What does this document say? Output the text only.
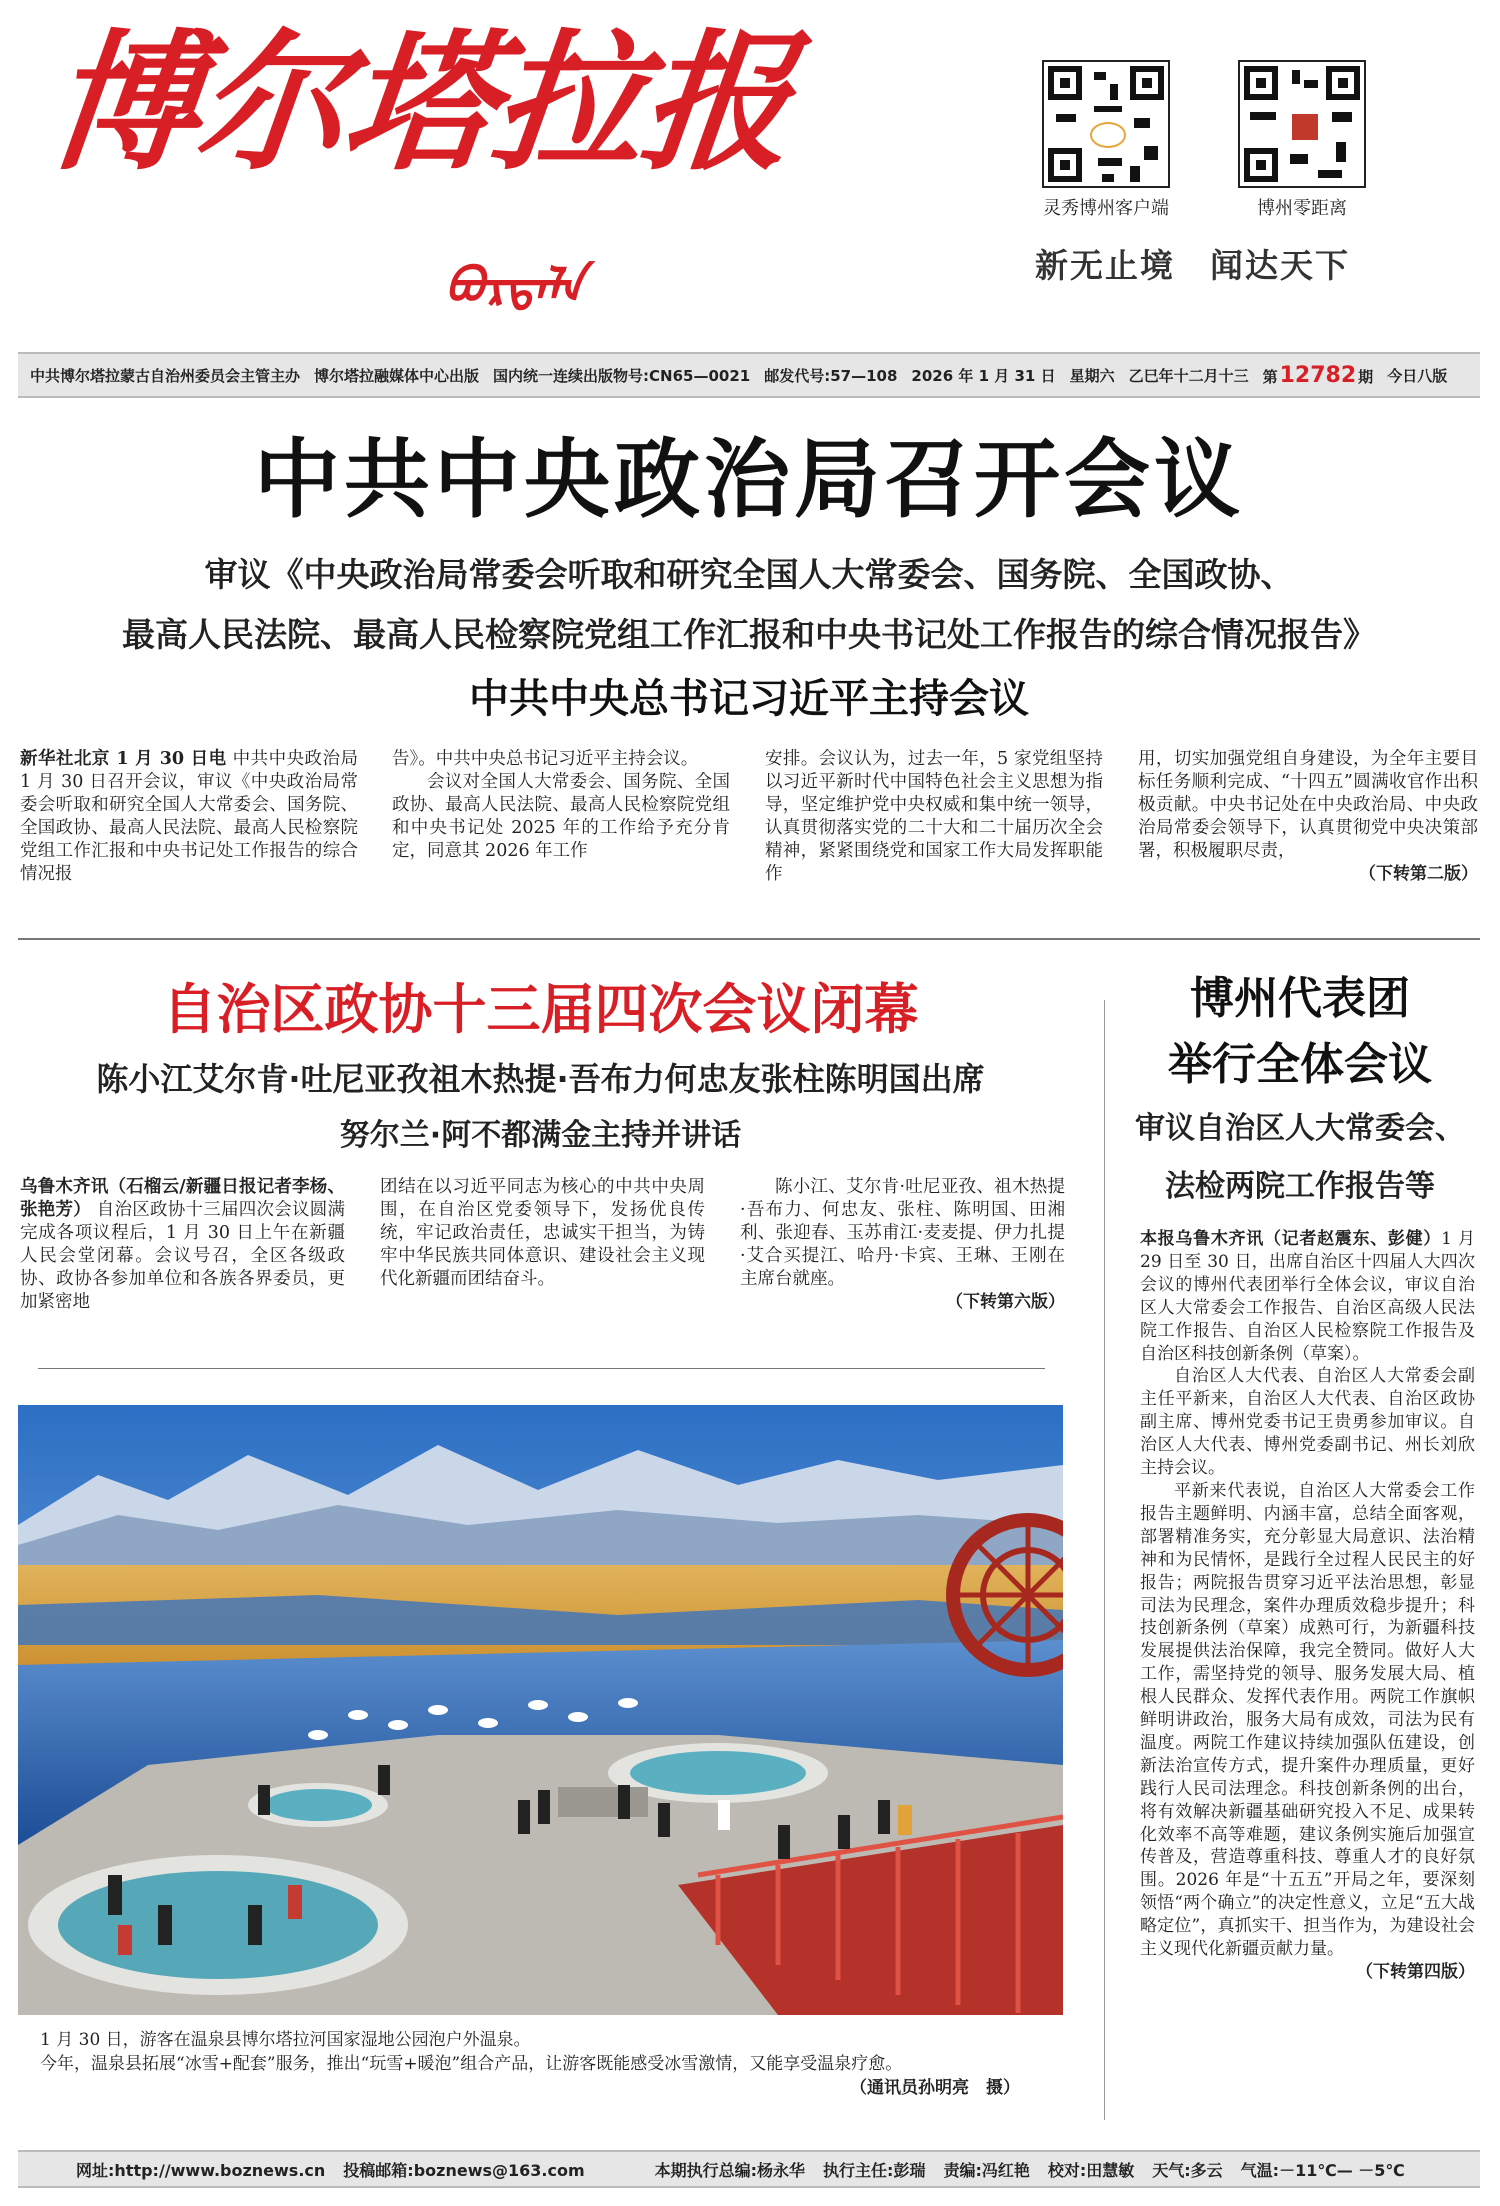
博尔塔拉报
ᠪᠣᠷᠲᠠᠯᠠ
灵秀博州客户端	博州零距离
新无止境　闻达天下
中共博尔塔拉蒙古自治州委员会主管主办 博尔塔拉融媒体中心出版 国内统一连续出版物号:CN65—0021 邮发代号:57—108 2026 年 1 月 31 日 星期六 乙巳年十二月十三 第12782 期 今日八版
中共中央政治局召开会议
审议《中央政治局常委会听取和研究全国人大常委会、国务院、全国政协、
最高人民法院、最高人民检察院党组工作汇报和中央书记处工作报告的综合情况报告》
中共中央总书记习近平主持会议
新华社北京 1 月 30 日电 中共中央政治局 1 月 30 日召开会议，审议《中央政治局常委会听取和研究全国人大常委会、国务院、全国政协、最高人民法院、最高人民检察院党组工作汇报和中央书记处工作报告的综合情况报

告》。中共中央总书记习近平主持会议。

会议对全国人大常委会、国务院、全国政协、最高人民法院、最高人民检察院党组和中央书记处 2025 年的工作给予充分肯定，同意其 2026 年工作

安排。会议认为，过去一年，5 家党组坚持以习近平新时代中国特色社会主义思想为指导，坚定维护党中央权威和集中统一领导，认真贯彻落实党的二十大和二十届历次全会精神，紧紧围绕党和国家工作大局发挥职能作
用，切实加强党组自身建设，为全年主要目标任务顺利完成、“十四五”圆满收官作出积极贡献。中央书记处在中央政治局、中央政治局常委会领导下，认真贯彻党中央决策部署，积极履职尽责，
（下转第二版）
自治区政协十三届四次会议闭幕
陈小江艾尔肯·吐尼亚孜祖木热提·吾布力何忠友张柱陈明国出席
努尔兰·阿不都满金主持并讲话
乌鲁木齐讯（石榴云/新疆日报记者李杨、张艳芳） 自治区政协十三届四次会议圆满完成各项议程后，1 月 30 日上午在新疆人民会堂闭幕。会议号召，全区各级政协、政协各参加单位和各族各界委员，更加紧密地
团结在以习近平同志为核心的中共中央周围，在自治区党委领导下，发扬优良传统，牢记政治责任，忠诚实干担当，为铸牢中华民族共同体意识、建设社会主义现代化新疆而团结奋斗。
陈小江、艾尔肯·吐尼亚孜、祖木热提·吾布力、何忠友、张柱、陈明国、田湘利、张迎春、玉苏甫江·麦麦提、伊力扎提·艾合买提江、哈丹·卡宾、王琳、王刚在主席台就座。
（下转第六版）
博州代表团
举行全体会议
审议自治区人大常委会、
法检两院工作报告等

本报乌鲁木齐讯（记者赵震东、彭健）1 月 29 日至 30 日，出席自治区十四届人大四次会议的博州代表团举行全体会议，审议自治区人大常委会工作报告、自治区高级人民法院工作报告、自治区人民检察院工作报告及自治区科技创新条例（草案）。

自治区人大代表、自治区人大常委会副主任平新来，自治区人大代表、自治区政协副主席、博州党委书记王贵勇参加审议。自治区人大代表、博州党委副书记、州长刘欣主持会议。

平新来代表说，自治区人大常委会工作报告主题鲜明、内涵丰富，总结全面客观，部署精准务实，充分彰显大局意识、法治精神和为民情怀，是践行全过程人民民主的好报告；两院报告贯穿习近平法治思想，彰显司法为民理念，案件办理质效稳步提升；科技创新条例（草案）成熟可行，为新疆科技发展提供法治保障，我完全赞同。做好人大工作，需坚持党的领导、服务发展大局、植根人民群众、发挥代表作用。两院工作旗帜鲜明讲政治，服务大局有成效，司法为民有温度。两院工作建议持续加强队伍建设，创新法治宣传方式，提升案件办理质量，更好践行人民司法理念。科技创新条例的出台，将有效解决新疆基础研究投入不足、成果转化效率不高等难题，建议条例实施后加强宣传普及，营造尊重科技、尊重人才的良好氛围。2026 年是“十五五”开局之年，要深刻领悟“两个确立”的决定性意义，立足“五大战略定位”，真抓实干、担当作为，为建设社会主义现代化新疆贡献力量。

（下转第四版）

1 月 30 日，游客在温泉县博尔塔拉河国家湿地公园泡户外温泉。

今年，温泉县拓展“冰雪+配套”服务，推出“玩雪+暖泡”组合产品，让游客既能感受冰雪激情，又能享受温泉疗愈。

（通讯员孙明亮　摄）

网址:http://www.boznews.cn 投稿邮箱:boznews@163.com	本期执行总编:杨永华 执行主任:彭瑞 责编:冯红艳 校对:田慧敏 天气:多云 气温:－11℃— －5℃
